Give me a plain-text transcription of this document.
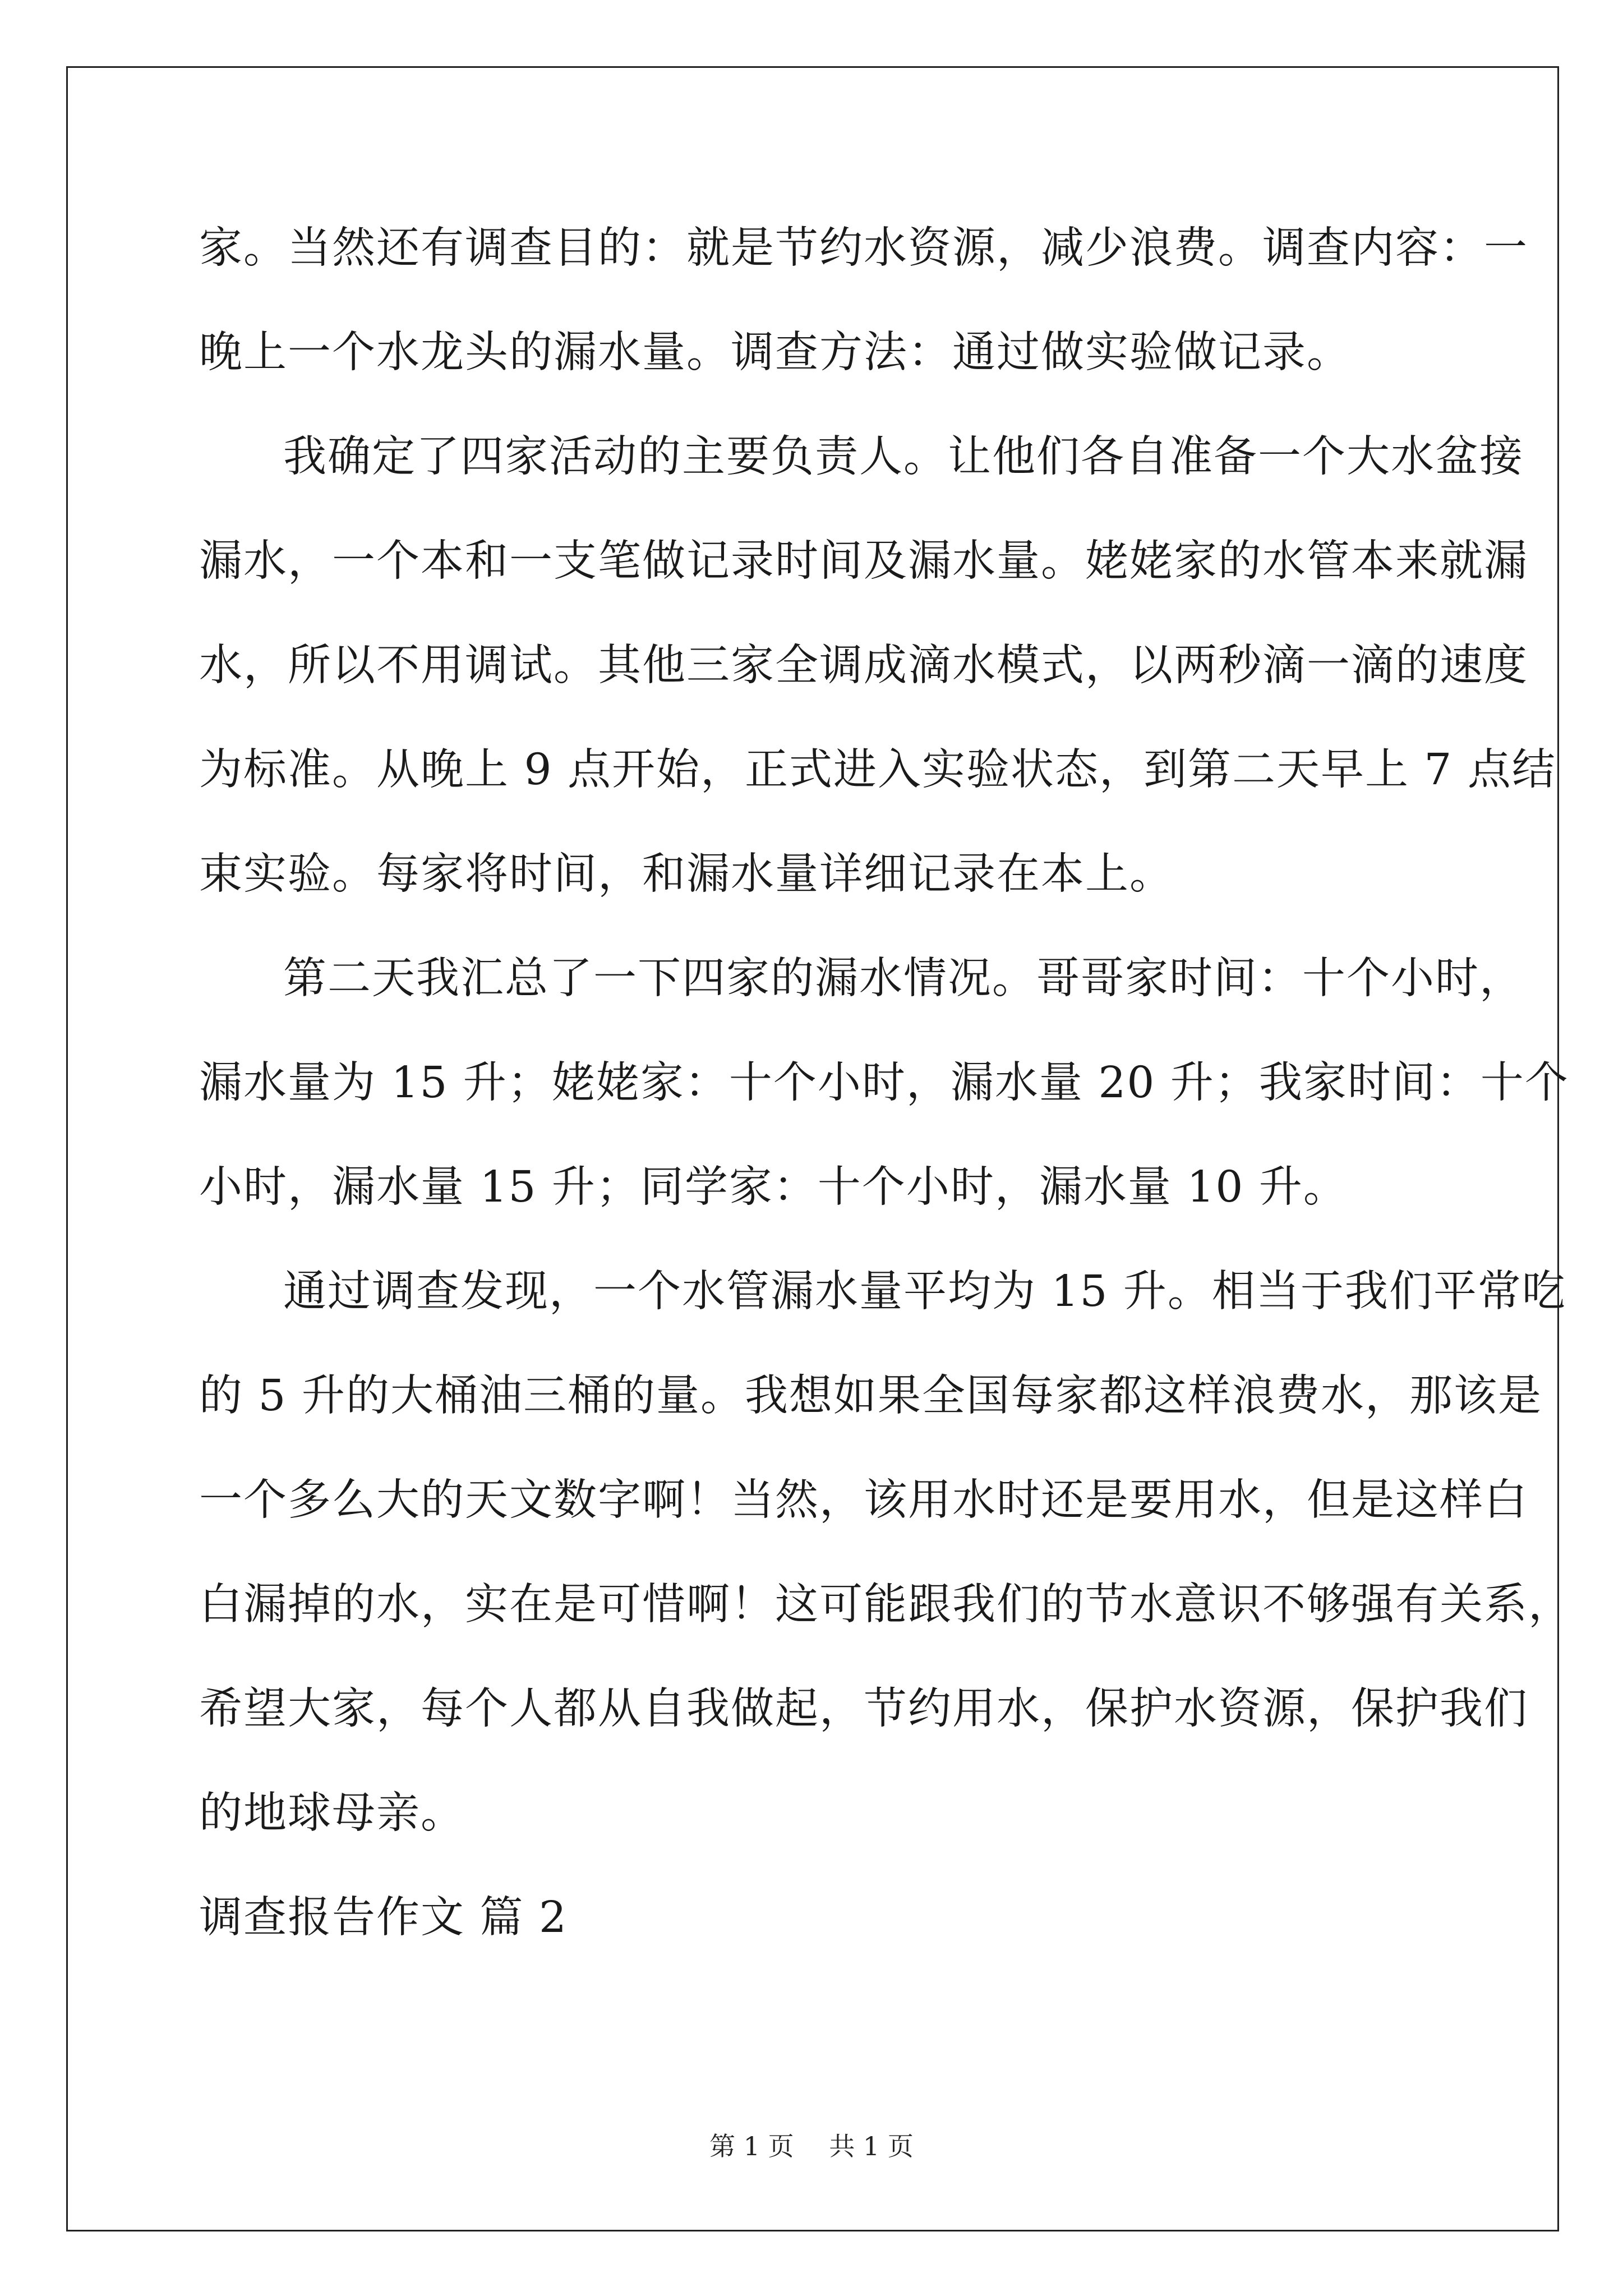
家。当然还有调查目的：就是节约水资源，减少浪费。调查内容：一
晚上一个水龙头的漏水量。调查方法：通过做实验做记录。
我确定了四家活动的主要负责人。让他们各自准备一个大水盆接
漏水，一个本和一支笔做记录时间及漏水量。姥姥家的水管本来就漏
水，所以不用调试。其他三家全调成滴水模式，以两秒滴一滴的速度
为标准。从晚上 9 点开始，正式进入实验状态，到第二天早上 7 点结
束实验。每家将时间，和漏水量详细记录在本上。
第二天我汇总了一下四家的漏水情况。哥哥家时间：十个小时，
漏水量为 15 升；姥姥家：十个小时，漏水量 20 升；我家时间：十个
小时，漏水量 15 升；同学家：十个小时，漏水量 10 升。
通过调查发现，一个水管漏水量平均为 15 升。相当于我们平常吃
的 5 升的大桶油三桶的量。我想如果全国每家都这样浪费水，那该是
一个多么大的天文数字啊！当然，该用水时还是要用水，但是这样白
白漏掉的水，实在是可惜啊！这可能跟我们的节水意识不够强有关系，
希望大家，每个人都从自我做起，节约用水，保护水资源，保护我们
的地球母亲。
调查报告作文 篇 2
第 1 页 共 1 页
